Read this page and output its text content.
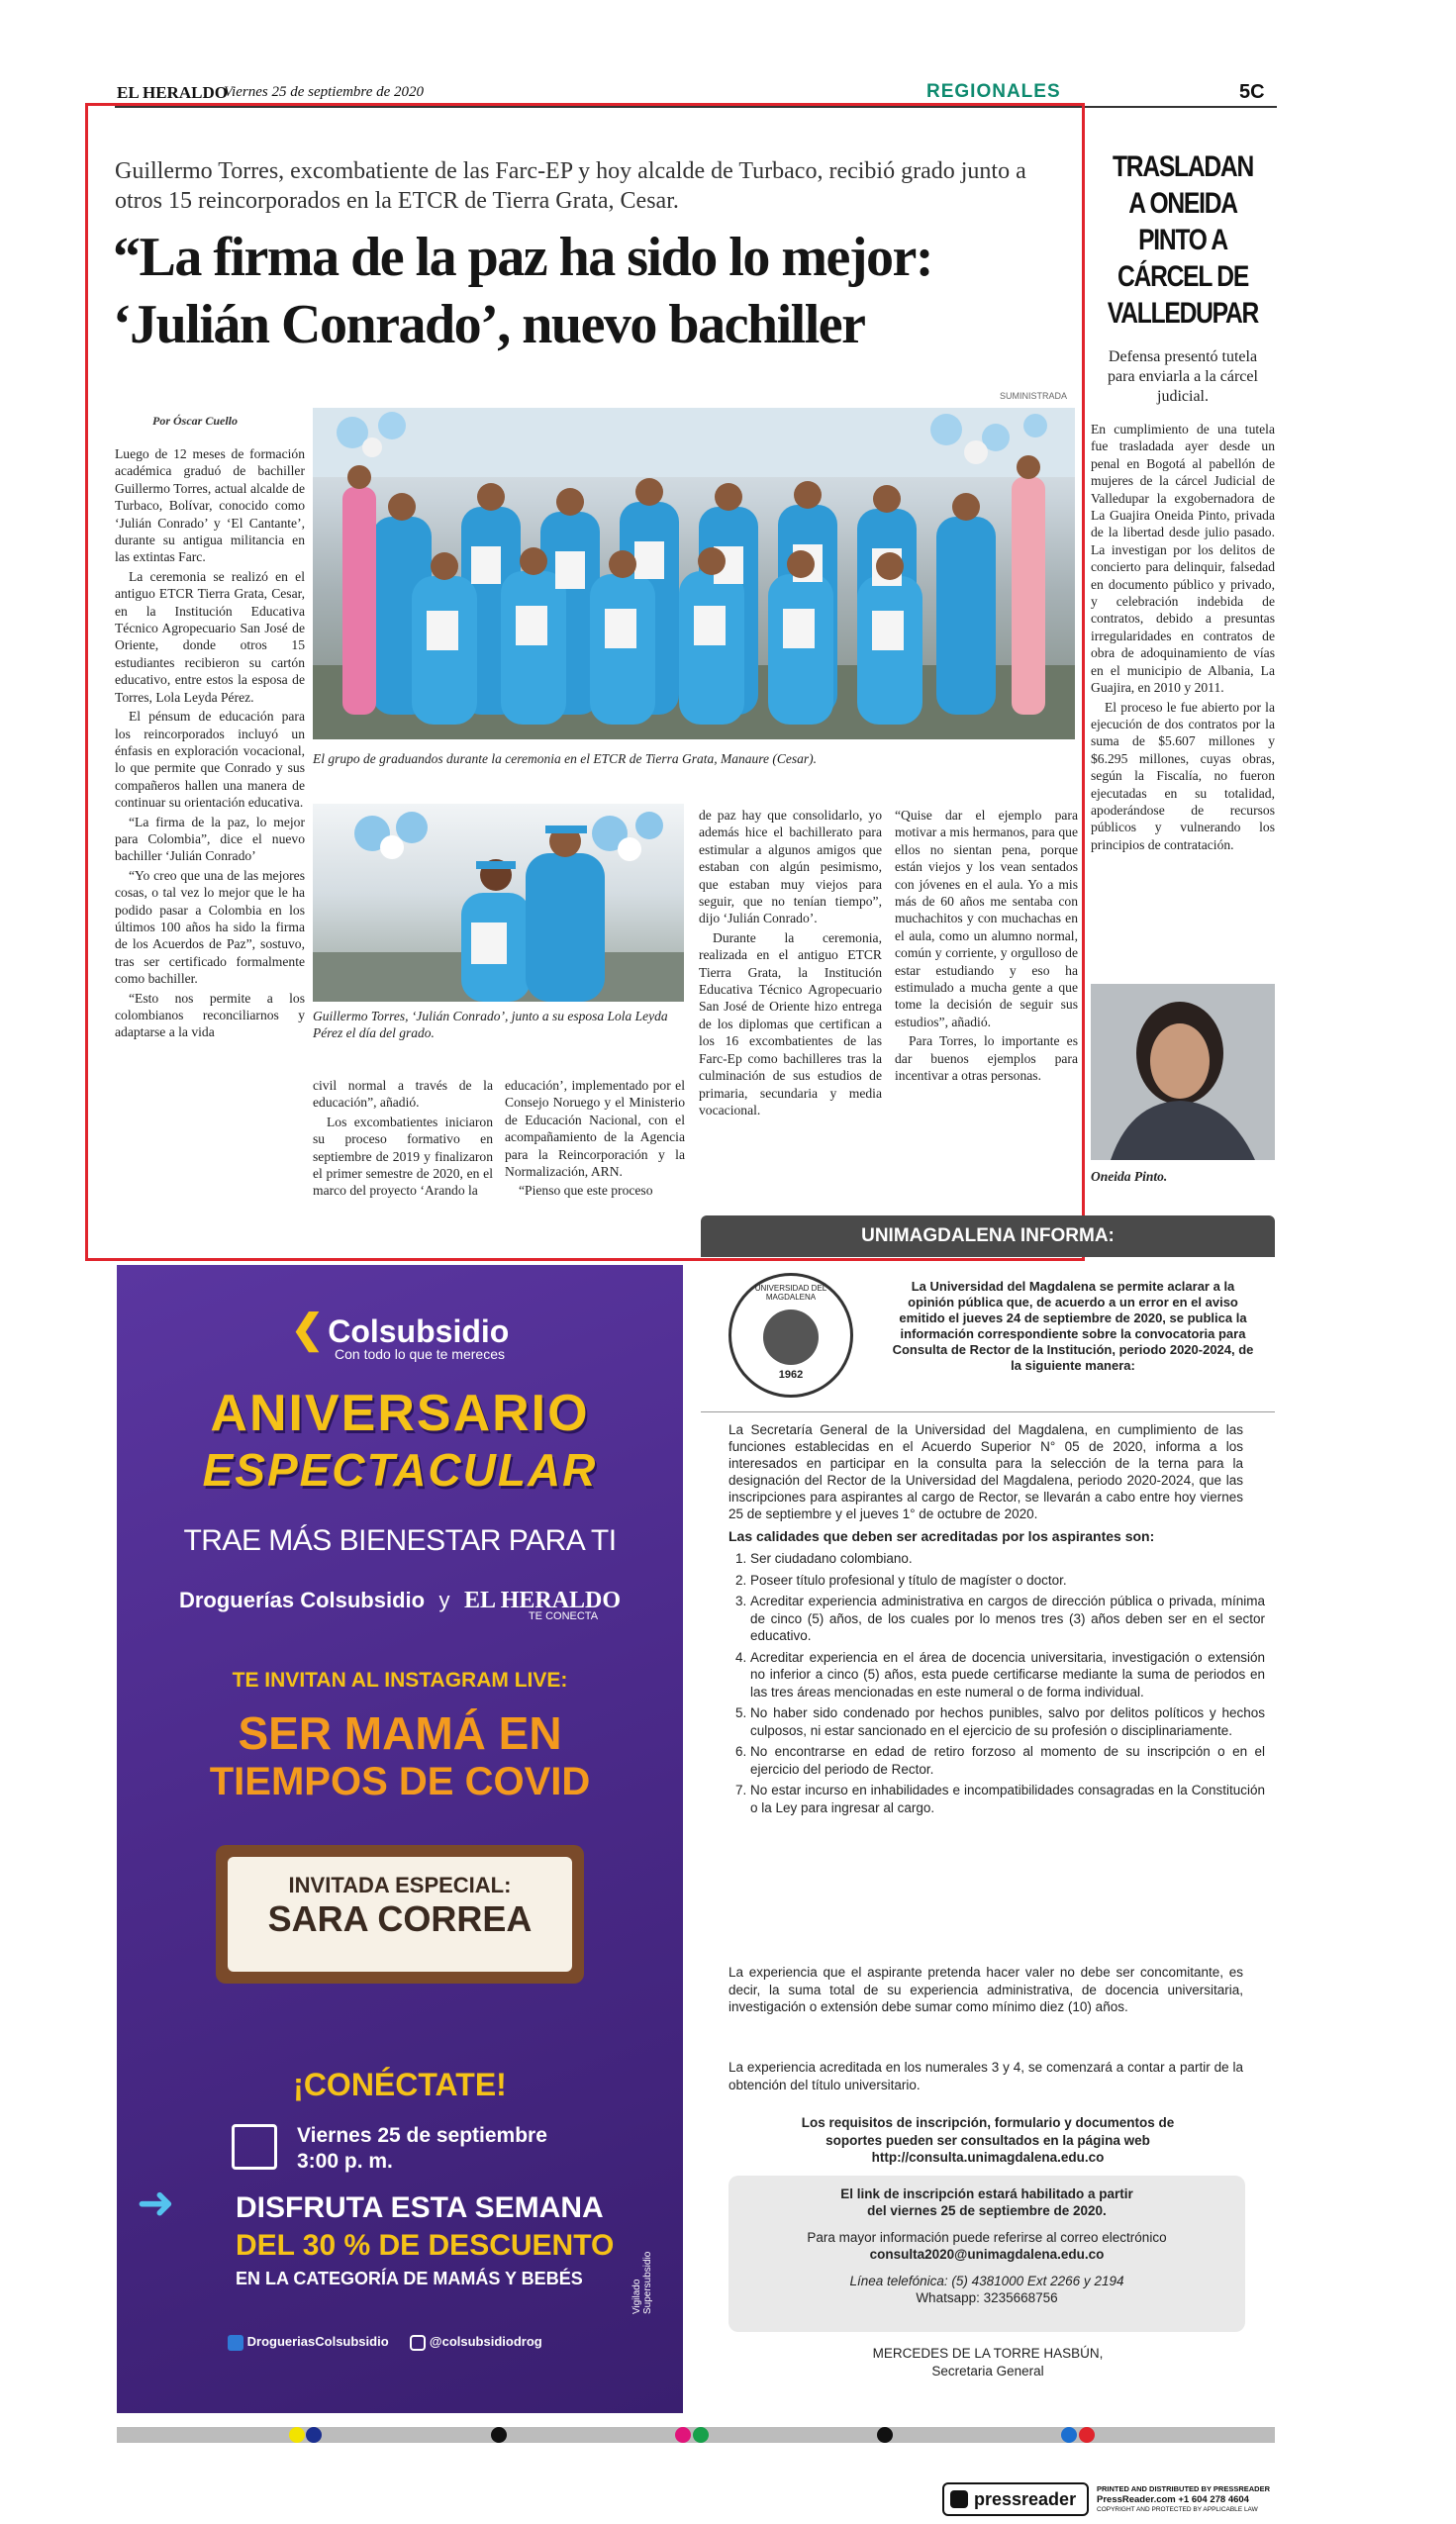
EL HERALDO
Viernes 25 de septiembre de 2020	REGIONALES	5C
Guillermo Torres, excombatiente de las Farc-EP y hoy alcalde de Turbaco, recibió grado junto a otros 15 reincorporados en la ETCR de Tierra Grata, Cesar.
“La firma de la paz ha sido lo mejor: ‘Julián Conrado’, nuevo bachiller
Por Óscar Cuello
SUMINISTRADA

Luego de 12 meses de formación académica graduó de bachiller Guillermo Torres, actual alcalde de Turbaco, Bolívar, conocido como ‘Julián Conrado’ y ‘El Cantante’, durante su antigua militancia en las extintas Farc.

La ceremonia se realizó en el antiguo ETCR Tierra Grata, Cesar, en la Institución Educativa Técnico Agropecuario San José de Oriente, donde otros 15 estudiantes recibieron su cartón educativo, entre estos la esposa de Torres, Lola Leyda Pérez.

El pénsum de educación para los reincorporados incluyó un énfasis en exploración vocacional, lo que permite que Conrado y sus compañeros hallen una manera de continuar su orientación educativa.

“La firma de la paz, lo mejor para Colombia”, dice el nuevo bachiller ‘Julián Conrado’

“Yo creo que una de las mejores cosas, o tal vez lo mejor que le ha podido pasar a Colombia en los últimos 100 años ha sido la firma de los Acuerdos de Paz”, sostuvo, tras ser certificado formalmente como bachiller.

“Esto nos permite a los colombianos reconciliarnos y adaptarse a la vida

El grupo de graduandos durante la ceremonia en el ETCR de Tierra Grata, Manaure (Cesar).
Guillermo Torres, ‘Julián Conrado’, junto a su esposa Lola Leyda Pérez el día del grado.

civil normal a través de la educación”, añadió.

Los excombatientes iniciaron su proceso formativo en septiembre de 2019 y finalizaron el primer semestre de 2020, en el marco del proyecto ‘Arando la

educación’, implementado por el Consejo Noruego y el Ministerio de Educación Nacional, con el acompañamiento de la Agencia para la Reincorporación y la Normalización, ARN.

“Pienso que este proceso

de paz hay que consolidarlo, yo además hice el bachillerato para estimular a algunos amigos que estaban con algún pesimismo, que estaban muy viejos para seguir, que no tenían tiempo”, dijo ‘Julián Conrado’.

Durante la ceremonia, realizada en el antiguo ETCR Tierra Grata, la Institución Educativa Técnico Agropecuario San José de Oriente hizo entrega de los diplomas que certifican a los 16 excombatientes de las Farc-Ep como bachilleres tras la culminación de sus estudios de primaria, secundaria y media vocacional.

“Quise dar el ejemplo para motivar a mis hermanos, para que ellos no sientan pena, porque están viejos y los vean sentados con jóvenes en el aula. Yo a mis más de 60 años me sentaba con muchachitos y con muchachas en el aula, como un alumno normal, común y corriente, y orgulloso de estar estudiando y eso ha estimulado a mucha gente a que tome la decisión de seguir sus estudios”, añadió.

Para Torres, lo importante es dar buenos ejemplos para incentivar a otras personas.

TRASLADAN A ONEIDA PINTO A CÁRCEL DE VALLEDUPAR
Defensa presentó tutela para enviarla a la cárcel judicial.

En cumplimiento de una tutela fue trasladada ayer desde un penal en Bogotá al pabellón de mujeres de la cárcel Judicial de Valledupar la exgobernadora de La Guajira Oneida Pinto, privada de la libertad desde julio pasado. La investigan por los delitos de concierto para delinquir, falsedad en documento público y privado, y celebración indebida de contratos, debido a presuntas irregularidades en contratos de obra de adoquinamiento de vías en el municipio de Albania, La Guajira, en 2010 y 2011.

El proceso le fue abierto por la ejecución de dos contratos por la suma de $5.607 millones y $6.295 millones, cuyas obras, según la Fiscalía, no fueron ejecutadas en su totalidad, apoderándose de recursos públicos y vulnerando los principios de contratación.

Oneida Pinto.
❮ Colsubsidio
Con todo lo que te mereces
ANIVERSARIO
ESPECTACULAR
TRAE MÁS BIENESTAR PARA TI
Droguerías Colsubsidio y EL HERALDO
TE CONECTA
TE INVITAN AL INSTAGRAM LIVE:
SER MAMÁ EN
TIEMPOS DE COVID
INVITADA ESPECIAL:
SARA CORREA
¡CONÉCTATE!
Viernes 25 de septiembre
3:00 p. m.
➜ DISFRUTA ESTA SEMANA
DEL 30 % DE DESCUENTO
EN LA CATEGORÍA DE MAMÁS Y BEBÉS
Vigilado Supersubsidio
DrogueriasColsubsidio	@colsubsidiodrog
UNIMAGDALENA INFORMA:
UNIVERSIDAD DEL MAGDALENA
1962
La Universidad del Magdalena se permite aclarar a la opinión pública que, de acuerdo a un error en el aviso emitido el jueves 24 de septiembre de 2020, se publica la información correspondiente sobre la convocatoria para Consulta de Rector de la Institución, periodo 2020-2024, de la siguiente manera:
La Secretaría General de la Universidad del Magdalena, en cumplimiento de las funciones establecidas en el Acuerdo Superior N° 05 de 2020, informa a los interesados en participar en la consulta para la selección de la terna para la designación del Rector de la Universidad del Magdalena, periodo 2020-2024, que las inscripciones para aspirantes al cargo de Rector, se llevarán a cabo entre hoy viernes 25 de septiembre y el jueves 1° de octubre de 2020.
Las calidades que deben ser acreditadas por los aspirantes son:
1. Ser ciudadano colombiano.
2. Poseer título profesional y título de magíster o doctor.
3. Acreditar experiencia administrativa en cargos de dirección pública o privada, mínima de cinco (5) años, de los cuales por lo menos tres (3) años deben ser en el sector educativo.
4. Acreditar experiencia en el área de docencia universitaria, investigación o extensión no inferior a cinco (5) años, esta puede certificarse mediante la suma de periodos en las tres áreas mencionadas en este numeral o de forma individual.
5. No haber sido condenado por hechos punibles, salvo por delitos políticos y hechos culposos, ni estar sancionado en el ejercicio de su profesión o disciplinariamente.
6. No encontrarse en edad de retiro forzoso al momento de su inscripción o en el ejercicio del periodo de Rector.
7. No estar incurso en inhabilidades e incompatibilidades consagradas en la Constitución o la Ley para ingresar al cargo.
La experiencia que el aspirante pretenda hacer valer no debe ser concomitante, es decir, la suma total de su experiencia administrativa, de docencia universitaria, investigación o extensión debe sumar como mínimo diez (10) años.
La experiencia acreditada en los numerales 3 y 4, se comenzará a contar a partir de la obtención del título universitario.
Los requisitos de inscripción, formulario y documentos de soportes pueden ser consultados en la página web http://consulta.unimagdalena.edu.co
El link de inscripción estará habilitado a partir del viernes 25 de septiembre de 2020.
Para mayor información puede referirse al correo electrónico
consulta2020@unimagdalena.edu.co
Línea telefónica: (5) 4381000 Ext 2266 y 2194
Whatsapp: 3235668756
MERCEDES DE LA TORRE HASBÚN,
Secretaria General
pressreader
PRINTED AND DISTRIBUTED BY PRESSREADER
PressReader.com +1 604 278 4604
COPYRIGHT AND PROTECTED BY APPLICABLE LAW
